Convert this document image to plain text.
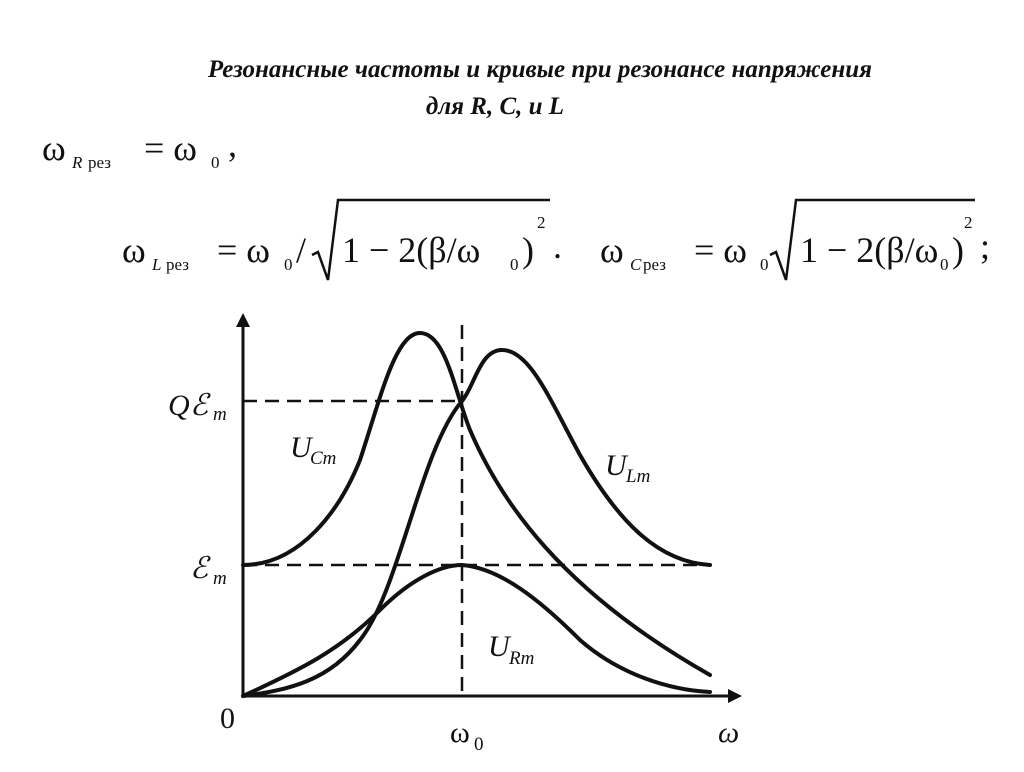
Резонансные частоты и кривые при резонансе напряжения
для R, C, и L
ω R рез = ω 0 ,
ω L рез = ω 0 / 1 − 2(β/ω 0 )
2
. ω C рез = ω 0 1 − 2(β/ω 0 )
2
;
Q ℰ m
ℰ m
0	ω 0	ω
U
Cm	U Lm
U Rm
